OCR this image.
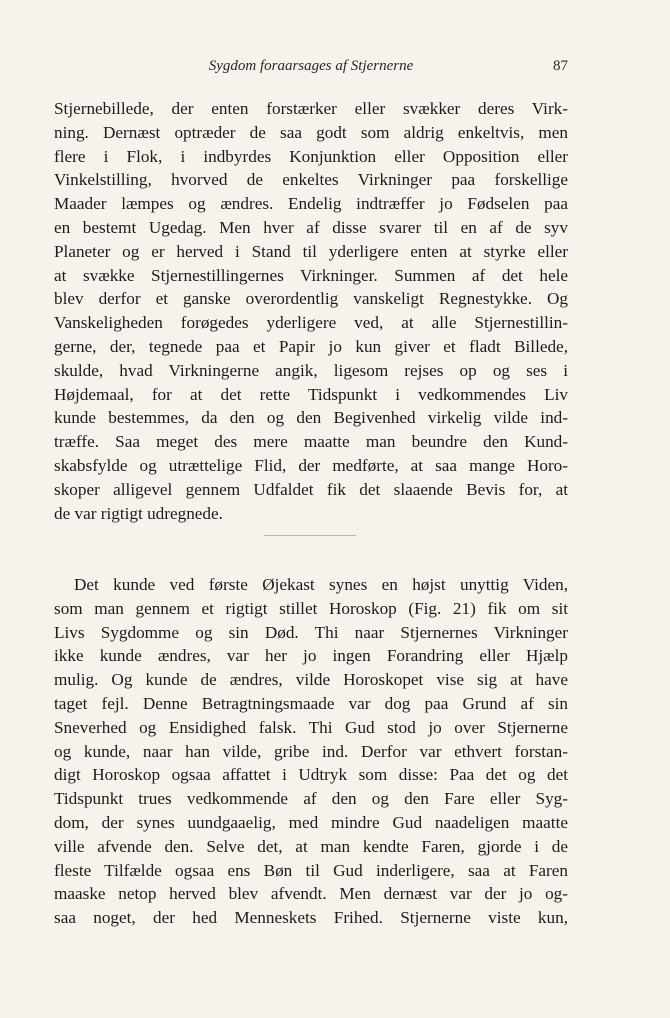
Sygdom foraarsages af Stjernerne	87
Stjernebillede, der enten forstærker eller svækker deres Virk-
ning. Dernæst optræder de saa godt som aldrig enkeltvis, men
flere i Flok, i indbyrdes Konjunktion eller Opposition eller
Vinkelstilling, hvorved de enkeltes Virkninger paa forskellige
Maader læmpes og ændres. Endelig indtræffer jo Fødselen paa
en bestemt Ugedag. Men hver af disse svarer til en af de syv
Planeter og er herved i Stand til yderligere enten at styrke eller
at svække Stjernestillingernes Virkninger. Summen af det hele
blev derfor et ganske overordentlig vanskeligt Regnestykke. Og
Vanskeligheden forøgedes yderligere ved, at alle Stjernestillin-
gerne, der, tegnede paa et Papir jo kun giver et fladt Billede,
skulde, hvad Virkningerne angik, ligesom rejses op og ses i
Højdemaal, for at det rette Tidspunkt i vedkommendes Liv
kunde bestemmes, da den og den Begivenhed virkelig vilde ind-
træffe. Saa meget des mere maatte man beundre den Kund-
skabsfylde og utrættelige Flid, der medførte, at saa mange Horo-
skoper alligevel gennem Udfaldet fik det slaaende Bevis for, at
de var rigtigt udregnede.
Det kunde ved første Øjekast synes en højst unyttig Viden,
som man gennem et rigtigt stillet Horoskop (Fig. 21) fik om sit
Livs Sygdomme og sin Død. Thi naar Stjernernes Virkninger
ikke kunde ændres, var her jo ingen Forandring eller Hjælp
mulig. Og kunde de ændres, vilde Horoskopet vise sig at have
taget fejl. Denne Betragtningsmaade var dog paa Grund af sin
Sneverhed og Ensidighed falsk. Thi Gud stod jo over Stjernerne
og kunde, naar han vilde, gribe ind. Derfor var ethvert forstan-
digt Horoskop ogsaa affattet i Udtryk som disse: Paa det og det
Tidspunkt trues vedkommende af den og den Fare eller Syg-
dom, der synes uundgaaelig, med mindre Gud naadeligen maatte
ville afvende den. Selve det, at man kendte Faren, gjorde i de
fleste Tilfælde ogsaa ens Bøn til Gud inderligere, saa at Faren
maaske netop herved blev afvendt. Men dernæst var der jo og-
saa noget, der hed Menneskets Frihed. Stjernerne viste kun,
